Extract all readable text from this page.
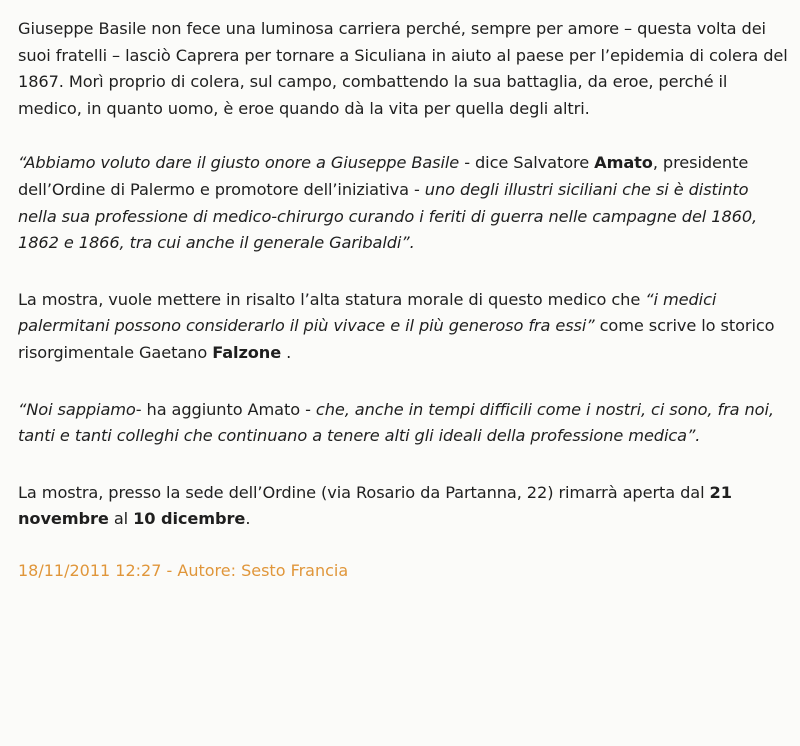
Giuseppe Basile non fece una luminosa carriera perché, sempre per amore – questa volta dei suoi fratelli – lasciò Caprera per tornare a Siculiana in aiuto al paese per l’epidemia di colera del 1867. Morì proprio di colera, sul campo, combattendo la sua battaglia, da eroe, perché il medico, in quanto uomo, è eroe quando dà la vita per quella degli altri.

“Abbiamo voluto dare il giusto onore a Giuseppe Basile - dice Salvatore Amato, presidente dell’Ordine di Palermo e promotore dell’iniziativa - uno degli illustri siciliani che si è distinto nella sua professione di medico-chirurgo curando i feriti di guerra nelle campagne del 1860, 1862 e 1866, tra cui anche il generale Garibaldi”.

La mostra, vuole mettere in risalto l’alta statura morale di questo medico che “i medici palermitani possono considerarlo il più vivace e il più generoso fra essi” come scrive lo storico risorgimentale Gaetano Falzone .

“Noi sappiamo- ha aggiunto Amato - che, anche in tempi difficili come i nostri, ci sono, fra noi, tanti e tanti colleghi che continuano a tenere alti gli ideali della professione medica”.

La mostra, presso la sede dell’Ordine (via Rosario da Partanna, 22) rimarrà aperta dal 21 novembre al 10 dicembre.

18/11/2011 12:27 - Autore: Sesto Francia
